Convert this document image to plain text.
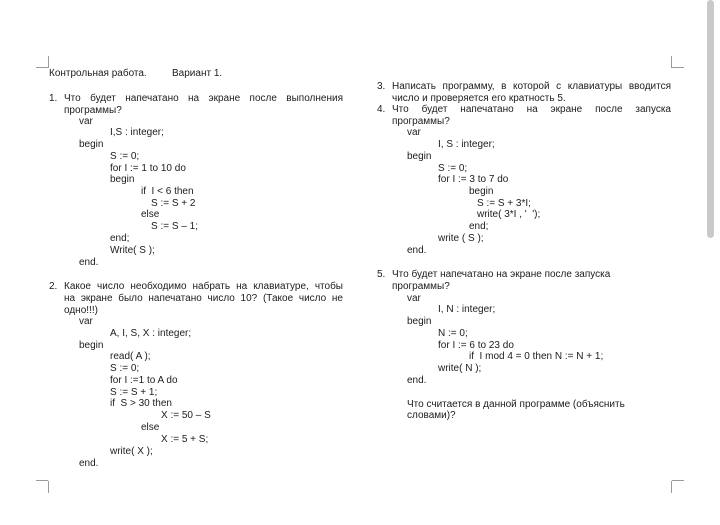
Контрольная работа.	Вариант 1.
1. Что будет напечатано на экране после выполнения
программы?
var
I,S : integer;
begin
S := 0;
for I := 1 to 10 do
begin
if  I < 6 then
S := S + 2
else
S := S – 1;
end;
Write( S );
end.
2. Какое число необходимо набрать на клавиатуре, чтобы
на экране было напечатано число 10? (Такое число не
одно!!!)
var
A, I, S, X : integer;
begin
read( A );
S := 0;
for I :=1 to A do
S := S + 1;
if  S > 30 then
X := 50 – S
else
X := 5 + S;
write( X );
end.
3. Написать программу, в которой с клавиатуры вводится
число и проверяется его кратность 5.
4. Что будет напечатано на экране после запуска
программы?
var
I, S : integer;
begin
S := 0;
for I := 3 to 7 do
begin
S := S + 3*I;
write( 3*I , '  ');
end;
write ( S );
end.
5. Что будет напечатано на экране после запуска
программы?
var
I, N : integer;
begin
N := 0;
for I := 6 to 23 do
if  I mod 4 = 0 then N := N + 1;
write( N );
end.
Что считается в данной программе (объяснить
словами)?
